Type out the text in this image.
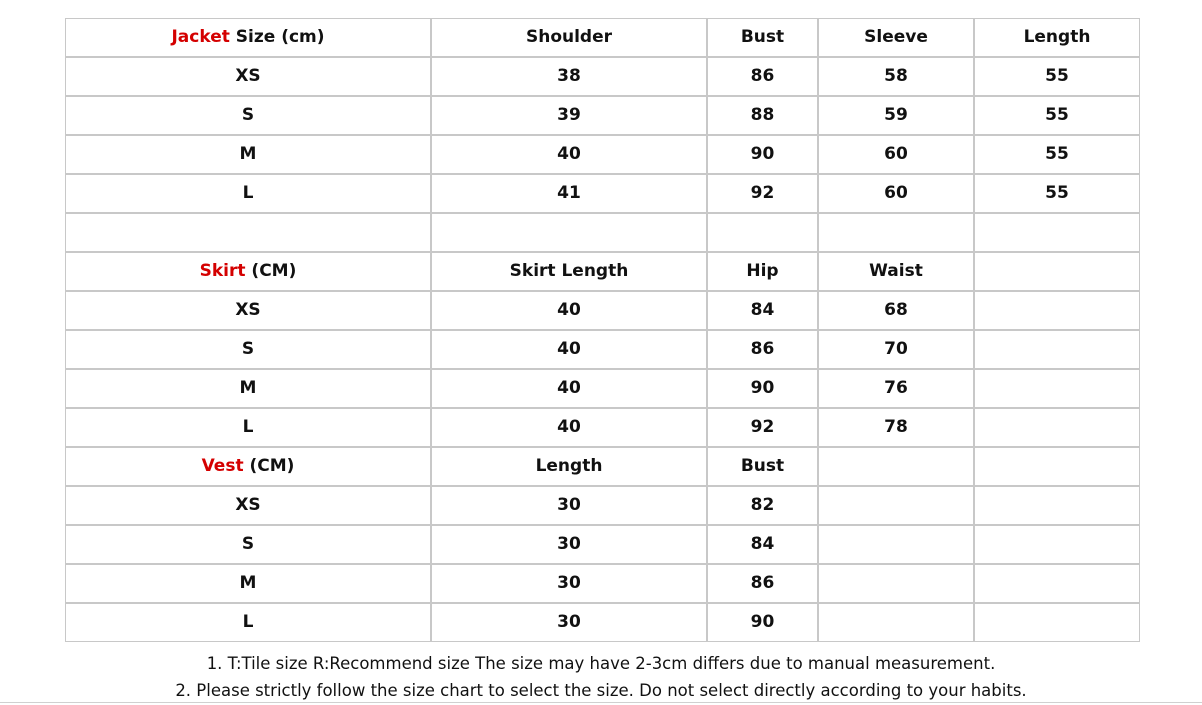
Jacket Size (cm)	Shoulder	Bust	Sleeve	Length
XS	38	86	58	55
S	39	88	59	55
M	40	90	60	55
L	41	92	60	55

Skirt (CM)	Skirt Length	Hip	Waist	
XS	40	84	68	
S	40	86	70	
M	40	90	76	
L	40	92	78	
Vest (CM)	Length	Bust		
XS	30	82		
S	30	84		
M	30	86		
L	30	90		
1. T:Tile size R:Recommend size The size may have 2-3cm differs due to manual measurement.
2. Please strictly follow the size chart to select the size. Do not select directly according to your habits.
